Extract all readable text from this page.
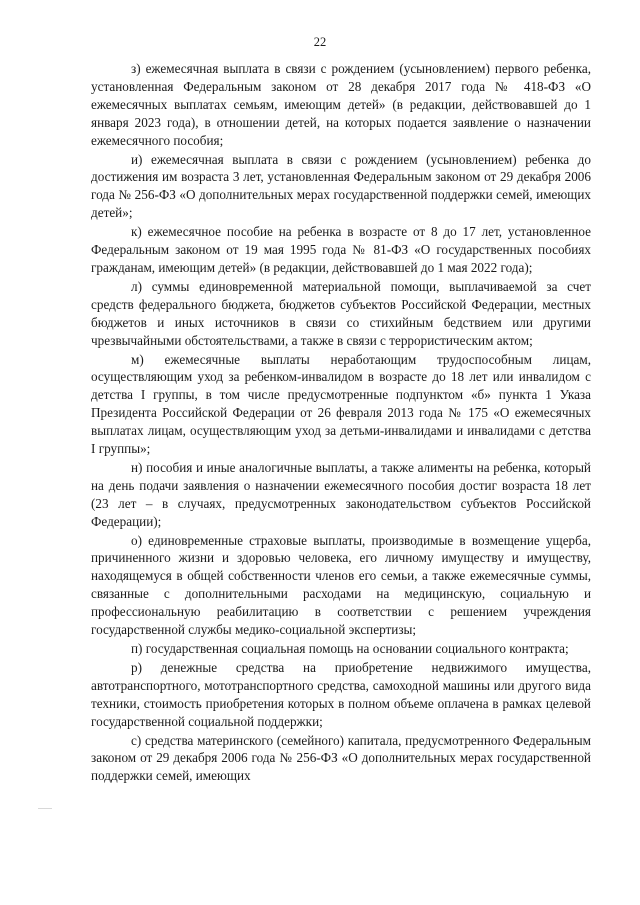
22

з) ежемесячная выплата в связи с рождением (усыновлением) первого ребенка, установленная Федеральным законом от 28 декабря 2017 года № 418-ФЗ «О ежемесячных выплатах семьям, имеющим детей» (в редакции, действовавшей до 1 января 2023 года), в отношении детей, на которых подается заявление о назначении ежемесячного пособия;

и) ежемесячная выплата в связи с рождением (усыновлением) ребенка до достижения им возраста 3 лет, установленная Федеральным законом от 29 декабря 2006 года № 256-ФЗ «О дополнительных мерах государственной поддержки семей, имеющих детей»;

к) ежемесячное пособие на ребенка в возрасте от 8 до 17 лет, установленное Федеральным законом от 19 мая 1995 года № 81-ФЗ «О государственных пособиях гражданам, имеющим детей» (в редакции, действовавшей до 1 мая 2022 года);

л) суммы единовременной материальной помощи, выплачиваемой за счет средств федерального бюджета, бюджетов субъектов Российской Федерации, местных бюджетов и иных источников в связи со стихийным бедствием или другими чрезвычайными обстоятельствами, а также в связи с террористическим актом;

м) ежемесячные выплаты неработающим трудоспособным лицам, осуществляющим уход за ребенком-инвалидом в возрасте до 18 лет или инвалидом с детства I группы, в том числе предусмотренные подпунктом «б» пункта 1 Указа Президента Российской Федерации от 26 февраля 2013 года № 175 «О ежемесячных выплатах лицам, осуществляющим уход за детьми-инвалидами и инвалидами с детства I группы»;

н) пособия и иные аналогичные выплаты, а также алименты на ребенка, который на день подачи заявления о назначении ежемесячного пособия достиг возраста 18 лет (23 лет – в случаях, предусмотренных законодательством субъектов Российской Федерации);

о) единовременные страховые выплаты, производимые в возмещение ущерба, причиненного жизни и здоровью человека, его личному имуществу и имуществу, находящемуся в общей собственности членов его семьи, а также ежемесячные суммы, связанные с дополнительными расходами на медицинскую, социальную и профессиональную реабилитацию в соответствии с решением учреждения государственной службы медико-социальной экспертизы;

п) государственная социальная помощь на основании социального контракта;

р) денежные средства на приобретение недвижимого имущества, автотранспортного, мототранспортного средства, самоходной машины или другого вида техники, стоимость приобретения которых в полном объеме оплачена в рамках целевой государственной социальной поддержки;

с) средства материнского (семейного) капитала, предусмотренного Федеральным законом от 29 декабря 2006 года № 256-ФЗ «О дополнительных мерах государственной поддержки семей, имеющих
